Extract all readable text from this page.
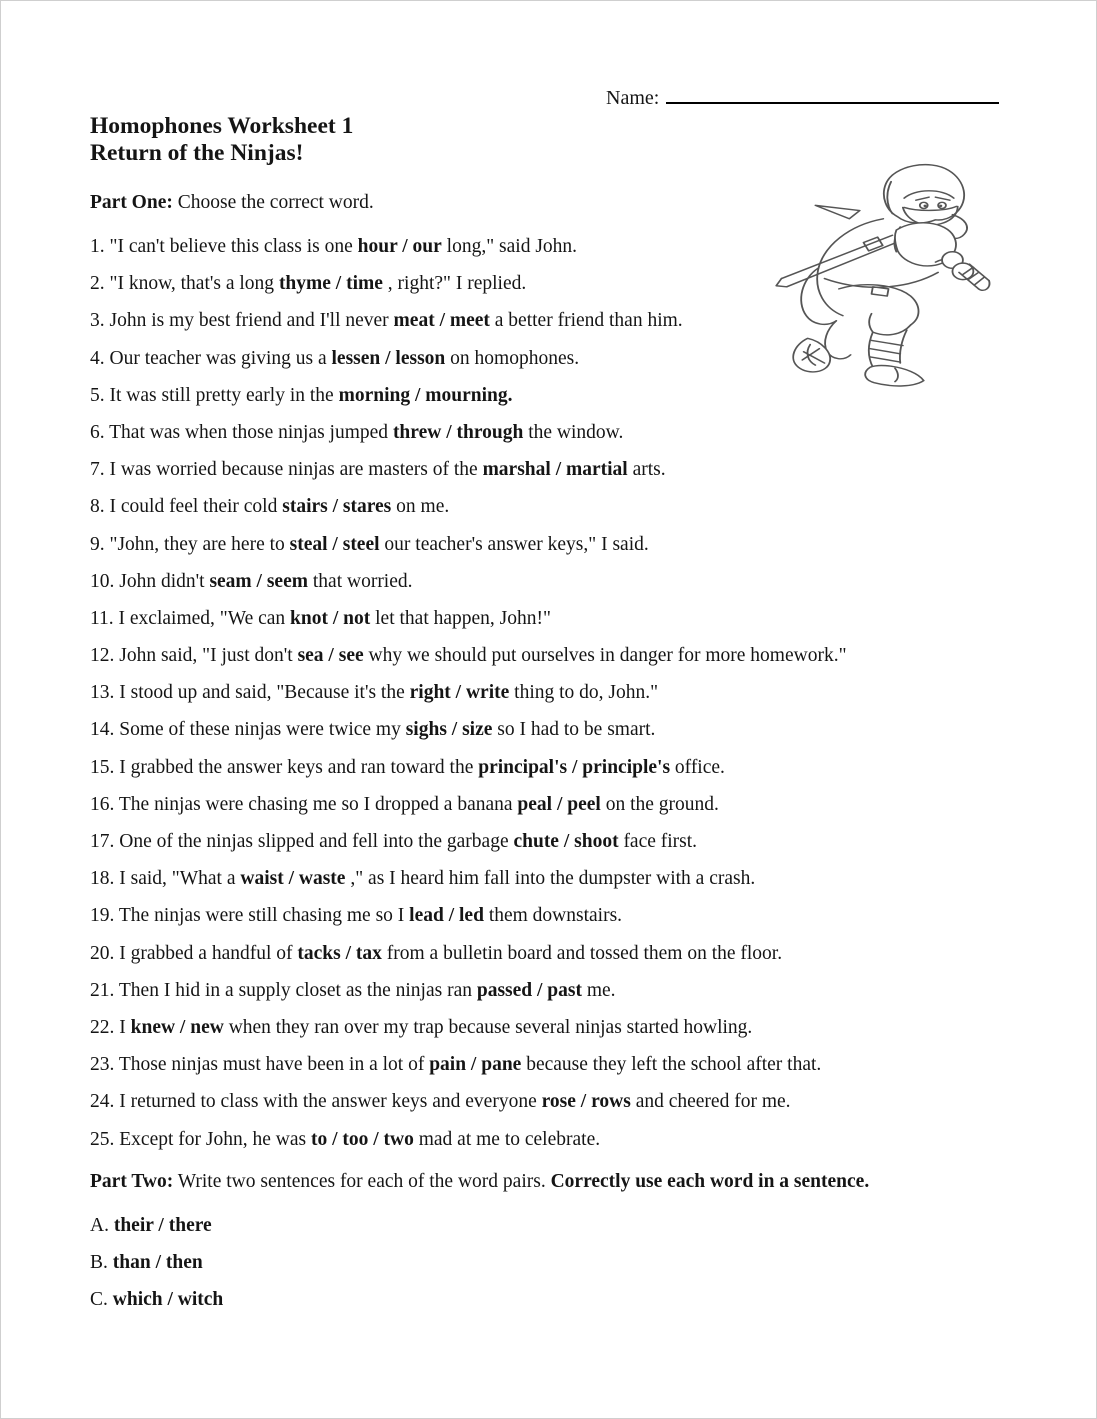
Name:
Homophones Worksheet 1
Return of the Ninjas!

Part One: Choose the correct word.

1. "I can't believe this class is one hour / our long," said John.

2. "I know, that's a long thyme / time , right?" I replied.

3. John is my best friend and I'll never meat / meet a better friend than him.

4. Our teacher was giving us a lessen / lesson on homophones.

5. It was still pretty early in the morning / mourning.

6. That was when those ninjas jumped threw / through the window.

7. I was worried because ninjas are masters of the marshal / martial arts.

8. I could feel their cold stairs / stares on me.

9. "John, they are here to steal / steel our teacher's answer keys," I said.

10. John didn't seam / seem that worried.

11. I exclaimed, "We can knot / not let that happen, John!"

12. John said, "I just don't sea / see why we should put ourselves in danger for more homework."

13. I stood up and said, "Because it's the right / write thing to do, John."

14. Some of these ninjas were twice my sighs / size so I had to be smart.

15. I grabbed the answer keys and ran toward the principal's / principle's office.

16. The ninjas were chasing me so I dropped a banana peal / peel on the ground.

17. One of the ninjas slipped and fell into the garbage chute / shoot face first.

18. I said, "What a waist / waste ," as I heard him fall into the dumpster with a crash.

19. The ninjas were still chasing me so I lead / led them downstairs.

20. I grabbed a handful of tacks / tax from a bulletin board and tossed them on the floor.

21. Then I hid in a supply closet as the ninjas ran passed / past me.

22. I knew / new when they ran over my trap because several ninjas started howling.

23. Those ninjas must have been in a lot of pain / pane because they left the school after that.

24. I returned to class with the answer keys and everyone rose / rows and cheered for me.

25. Except for John, he was to / too / two mad at me to celebrate.

Part Two: Write two sentences for each of the word pairs. Correctly use each word in a sentence.

A. their / there

B. than / then

C. which / witch
